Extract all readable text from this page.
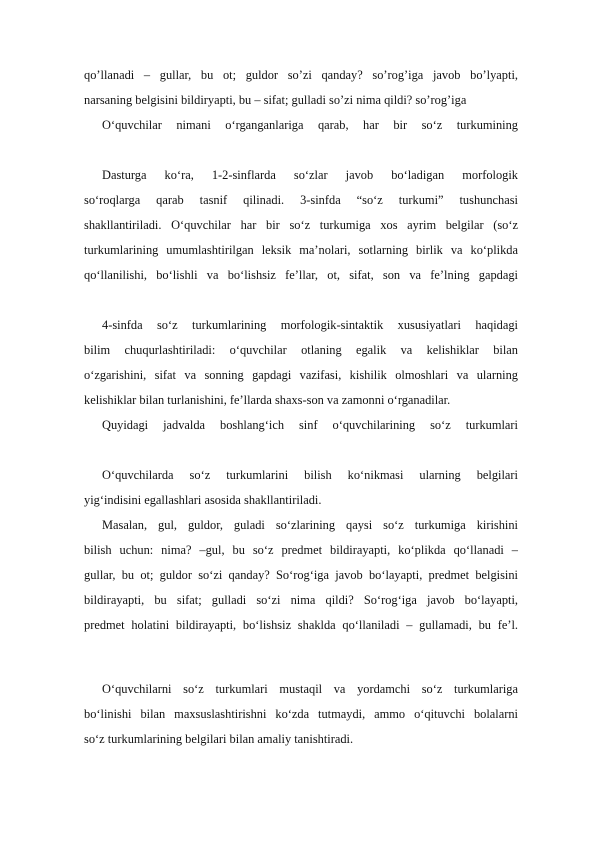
qo’llanadi – gullar, bu ot; guldor so’zi qanday? so’rog’iga javob bo’lyapti,
narsaning belgisini bildiryapti, bu – sifat; gulladi so’zi nima qildi? so’rog’iga
O‘quvchilar nimani o‘rganganlariga qarab, har bir so‘z turkumining
Dasturga ko‘ra, 1-2-sinflarda so‘zlar javob bo‘ladigan morfologik
so‘roqlarga qarab tasnif qilinadi. 3-sinfda “so‘z turkumi” tushunchasi
shakllantiriladi. O‘quvchilar har bir so‘z turkumiga xos ayrim belgilar (so‘z
turkumlarining umumlashtirilgan leksik ma’nolari, sotlarning birlik va ko‘plikda
qo‘llanilishi, bo‘lishli va bo‘lishsiz fe’llar, ot, sifat, son va fe’lning gapdagi
4-sinfda so‘z turkumlarining morfologik-sintaktik xususiyatlari haqidagi
bilim chuqurlashtiriladi: o‘quvchilar otlaning egalik va kelishiklar bilan
o‘zgarishini, sifat va sonning gapdagi vazifasi, kishilik olmoshlari va ularning
kelishiklar bilan turlanishini, fe’llarda shaxs-son va zamonni o‘rganadilar.
Quyidagi jadvalda boshlang‘ich sinf o‘quvchilarining so‘z turkumlari
O‘quvchilarda so‘z turkumlarini bilish ko‘nikmasi ularning belgilari
yig‘indisini egallashlari asosida shakllantiriladi.
Masalan, gul, guldor, guladi so‘zlarining qaysi so‘z turkumiga kirishini
bilish uchun: nima? –gul, bu so‘z predmet bildirayapti, ko‘plikda qo‘llanadi –
gullar, bu ot; guldor so‘zi qanday? So‘rog‘iga javob bo‘layapti, predmet belgisini
bildirayapti, bu sifat; gulladi so‘zi nima qildi? So‘rog‘iga javob bo‘layapti,
predmet holatini bildirayapti, bo‘lishsiz shaklda qo‘llaniladi – gullamadi, bu fe’l.
O‘quvchilarni so‘z turkumlari mustaqil va yordamchi so‘z turkumlariga
bo‘linishi bilan maxsuslashtirishni ko‘zda tutmaydi, ammo o‘qituvchi bolalarni
so‘z turkumlarining belgilari bilan amaliy tanishtiradi.
